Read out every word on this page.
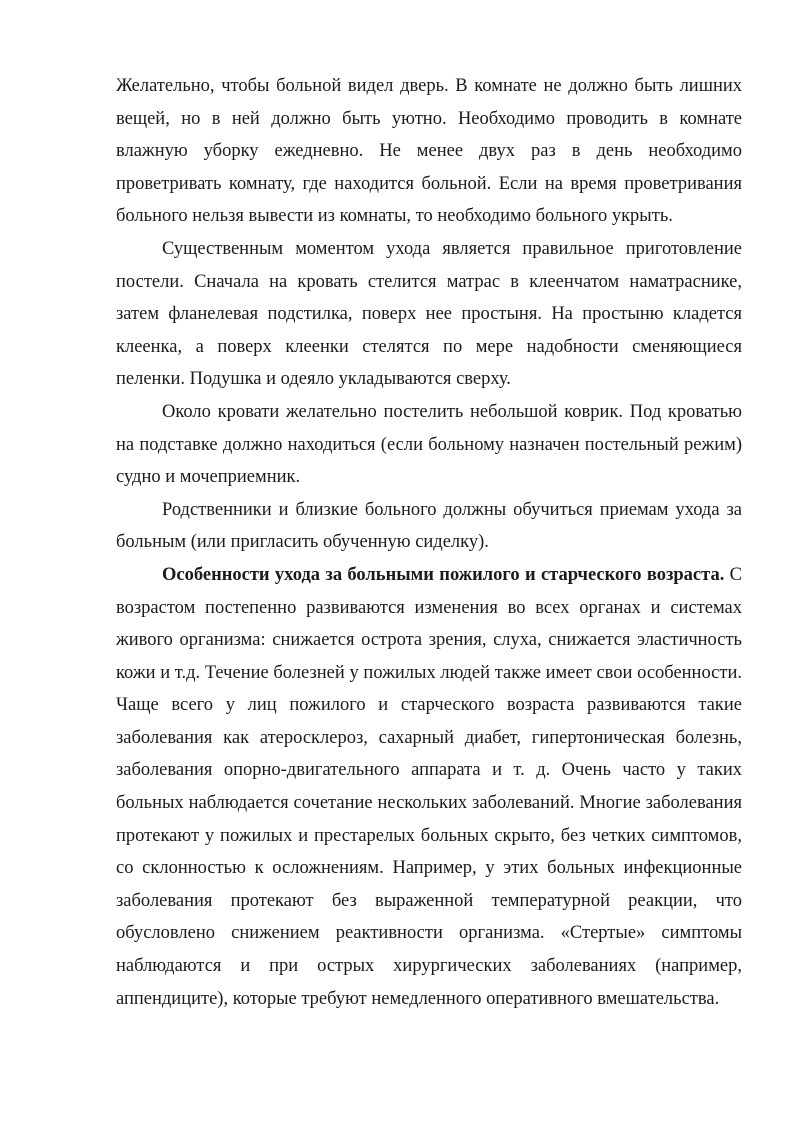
Желательно, чтобы больной видел дверь. В комнате не должно быть лишних вещей, но в ней должно быть уютно. Необходимо проводить в комнате влажную уборку ежедневно. Не менее двух раз в день необходимо проветривать комнату, где находится больной. Если на время проветривания больного нельзя вывести из комнаты, то необходимо больного укрыть.

Существенным моментом ухода является правильное приготовление постели. Сначала на кровать стелится матрас в клеенчатом наматраснике, затем фланелевая подстилка, поверх нее простыня. На простыню кладется клеенка, а поверх клеенки стелятся по мере надобности сменяющиеся пеленки. Подушка и одеяло укладываются сверху.

Около кровати желательно постелить небольшой коврик. Под кроватью на подставке должно находиться (если больному назначен постельный режим) судно и мочеприемник.

Родственники и близкие больного должны обучиться приемам ухода за больным (или пригласить обученную сиделку).

Особенности ухода за больными пожилого и старческого возраста. С возрастом постепенно развиваются изменения во всех органах и системах живого организма: снижается острота зрения, слуха, снижается эластичность кожи и т.д. Течение болезней у пожилых людей также имеет свои особенности. Чаще всего у лиц пожилого и старческого возраста развиваются такие заболевания как атеросклероз, сахарный диабет, гипертоническая болезнь, заболевания опорно-двигательного аппарата и т. д. Очень часто у таких больных наблюдается сочетание нескольких заболеваний. Многие заболевания протекают у пожилых и престарелых больных скрыто, без четких симптомов, со склонностью к осложнениям. Например, у этих больных инфекционные заболевания протекают без выраженной температурной реакции, что обусловлено снижением реактивности организма. «Стертые» симптомы наблюдаются и при острых хирургических заболеваниях (например, аппендиците), которые требуют немедленного оперативного вмешательства.
